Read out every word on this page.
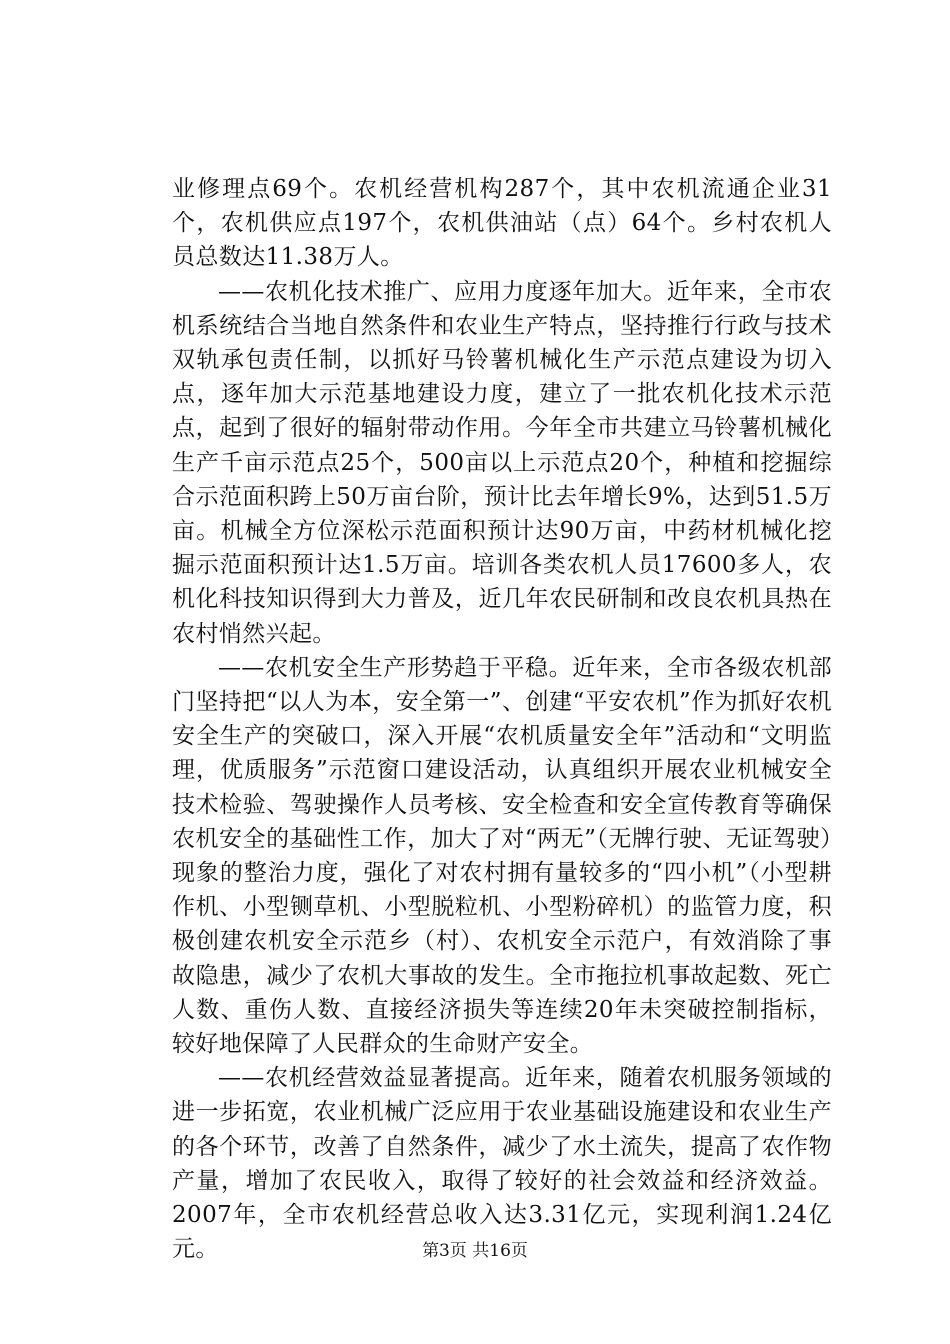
业修理点69个。农机经营机构287个，其中农机流通企业31个，农机供应点197个，农机供油站（点）64个。乡村农机人员总数达11.38万人。

——农机化技术推广、应用力度逐年加大。近年来，全市农机系统结合当地自然条件和农业生产特点，坚持推行行政与技术双轨承包责任制，以抓好马铃薯机械化生产示范点建设为切入点，逐年加大示范基地建设力度，建立了一批农机化技术示范点，起到了很好的辐射带动作用。今年全市共建立马铃薯机械化生产千亩示范点25个，500亩以上示范点20个，种植和挖掘综合示范面积跨上50万亩台阶，预计比去年增长9%，达到51.5万亩。机械全方位深松示范面积预计达90万亩，中药材机械化挖掘示范面积预计达1.5万亩。培训各类农机人员17600多人，农机化科技知识得到大力普及，近几年农民研制和改良农机具热在农村悄然兴起。

——农机安全生产形势趋于平稳。近年来，全市各级农机部门坚持把“以人为本，安全第一”、创建“平安农机”作为抓好农机安全生产的突破口，深入开展“农机质量安全年”活动和“文明监理，优质服务”示范窗口建设活动，认真组织开展农业机械安全技术检验、驾驶操作人员考核、安全检查和安全宣传教育等确保农机安全的基础性工作，加大了对“两无”（无牌行驶、无证驾驶）现象的整治力度，强化了对农村拥有量较多的“四小机”（小型耕作机、小型铡草机、小型脱粒机、小型粉碎机）的监管力度，积极创建农机安全示范乡（村）、农机安全示范户，有效消除了事故隐患，减少了农机大事故的发生。全市拖拉机事故起数、死亡人数、重伤人数、直接经济损失等连续20年未突破控制指标，较好地保障了人民群众的生命财产安全。

——农机经营效益显著提高。近年来，随着农机服务领域的进一步拓宽，农业机械广泛应用于农业基础设施建设和农业生产的各个环节，改善了自然条件，减少了水土流失，提高了农作物产量，增加了农民收入，取得了较好的社会效益和经济效益。2007年，全市农机经营总收入达3.31亿元，实现利润1.24亿元。	第3页 共16页
